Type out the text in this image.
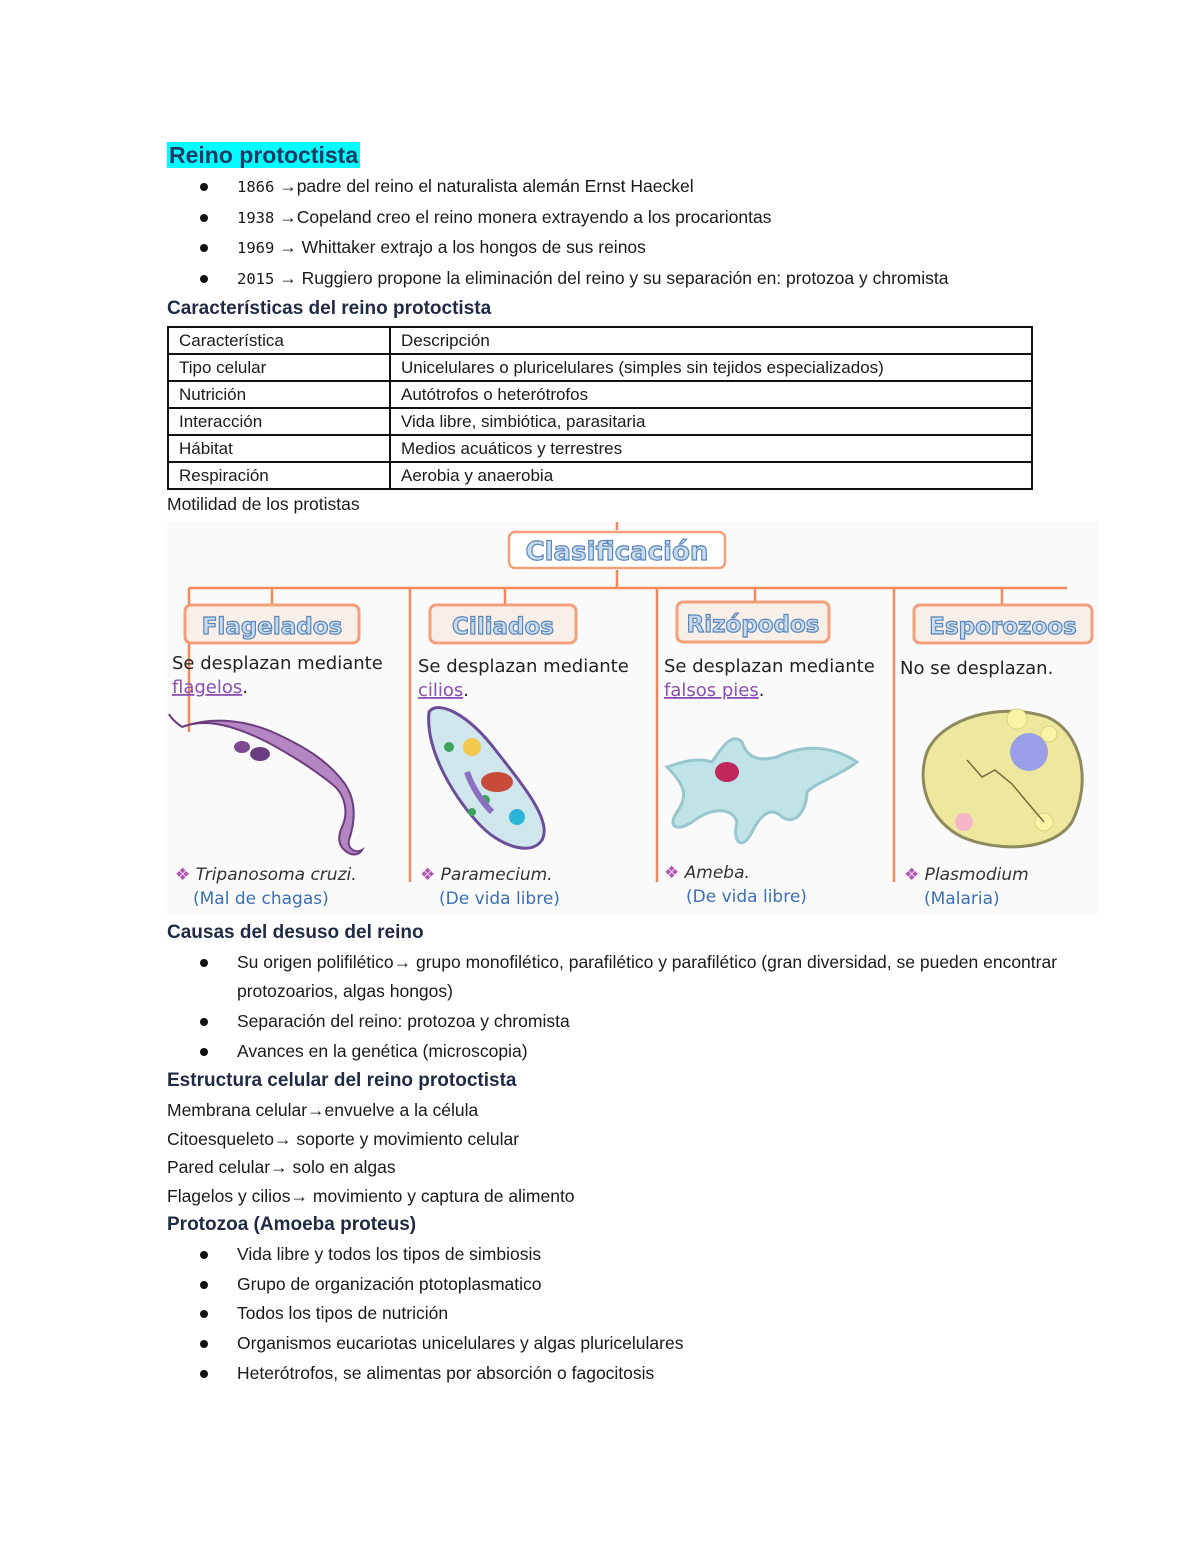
Reino protoctista
1866 →padre del reino el naturalista alemán Ernst Haeckel
1938 →Copeland creo el reino monera extrayendo a los procariontas
1969 → Whittaker extrajo a los hongos de sus reinos
2015 → Ruggiero propone la eliminación del reino y su separación en: protozoa y chromista
Características del reino protoctista
Característica	Descripción
Tipo celular	Unicelulares o pluricelulares (simples sin tejidos especializados)
Nutrición	Autótrofos o heterótrofos
Interacción	Vida libre, simbiótica, parasitaria
Hábitat	Medios acuáticos y terrestres
Respiración	Aerobia y anaerobia
Motilidad de los protistas
Clasificación
Flagelados	Ciliados	Rizópodos	Esporozoos
Se desplazan mediante
flagelos.
Se desplazan mediante
cilios.
Se desplazan mediante
falsos pies.
No se desplazan.
❖ Tripanosoma cruzi.
(Mal de chagas)
❖ Paramecium.
(De vida libre)
❖ Ameba.
(De vida libre)
❖ Plasmodium
(Malaria)
Causas del desuso del reino
Su origen polifilético→ grupo monofilético, parafilético y parafilético (gran diversidad, se pueden encontrar protozoarios, algas hongos)
Separación del reino: protozoa y chromista
Avances en la genética (microscopia)
Estructura celular del reino protoctista
Membrana celular→envuelve a la célula
Citoesqueleto→ soporte y movimiento celular
Pared celular→ solo en algas
Flagelos y cilios→ movimiento y captura de alimento
Protozoa (Amoeba proteus)
Vida libre y todos los tipos de simbiosis
Grupo de organización ptotoplasmatico
Todos los tipos de nutrición
Organismos eucariotas unicelulares y algas pluricelulares
Heterótrofos, se alimentas por absorción o fagocitosis
